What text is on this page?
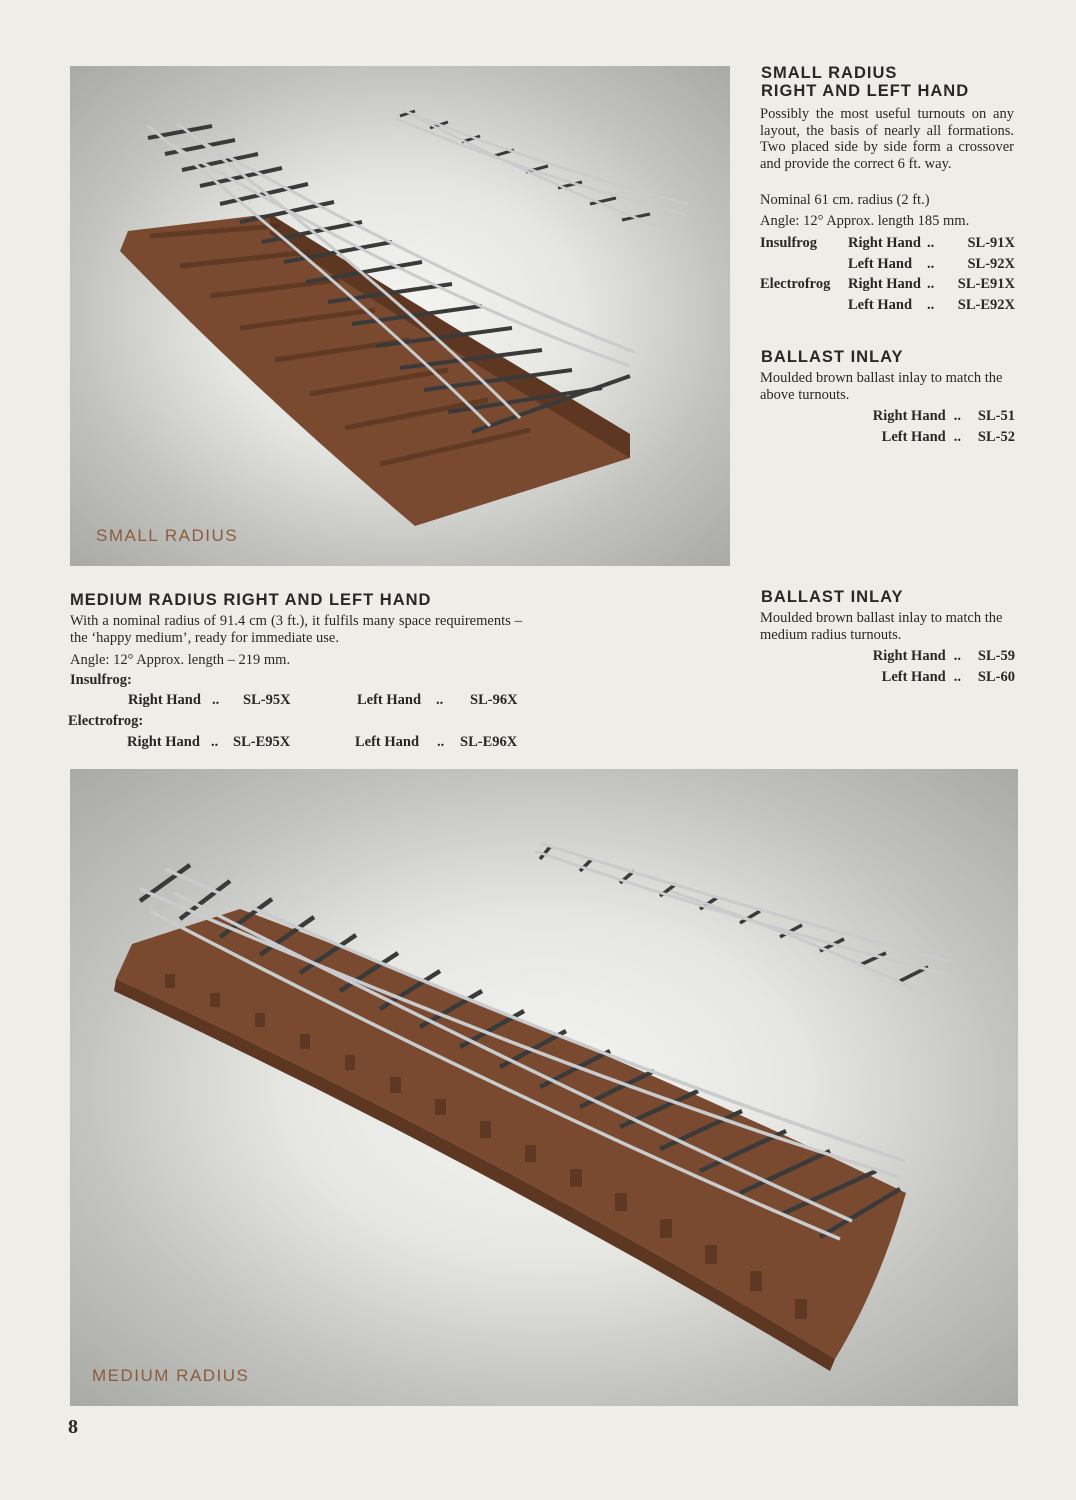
SMALL RADIUS
SMALL RADIUS
RIGHT AND LEFT HAND
Possibly the most useful turnouts on any layout, the basis of nearly all formations. Two placed side by side form a crossover and provide the correct 6 ft. way.
Nominal 61 cm. radius (2 ft.)
Angle: 12° Approx. length 185 mm.
Insulfrog	Right Hand	..	SL-91X
	Left Hand	..	SL-92X
Electrofrog	Right Hand	..	SL-E91X
	Left Hand	..	SL-E92X
BALLAST INLAY
Moulded brown ballast inlay to match the above turnouts.
Right Hand	..	SL-51
Left Hand	..	SL-52
MEDIUM RADIUS RIGHT AND LEFT HAND
With a nominal radius of 91.4 cm (3 ft.), it fulfils many space requirements – the ‘happy medium’, ready for immediate use.
Angle: 12° Approx. length – 219 mm.
Insulfrog:
Right Hand .. SL-95X	Left Hand .. SL-96X
Electrofrog:
Right Hand .. SL-E95X	Left Hand .. SL-E96X
BALLAST INLAY
Moulded brown ballast inlay to match the medium radius turnouts.
Right Hand	..	SL-59
Left Hand	..	SL-60
MEDIUM RADIUS
8
